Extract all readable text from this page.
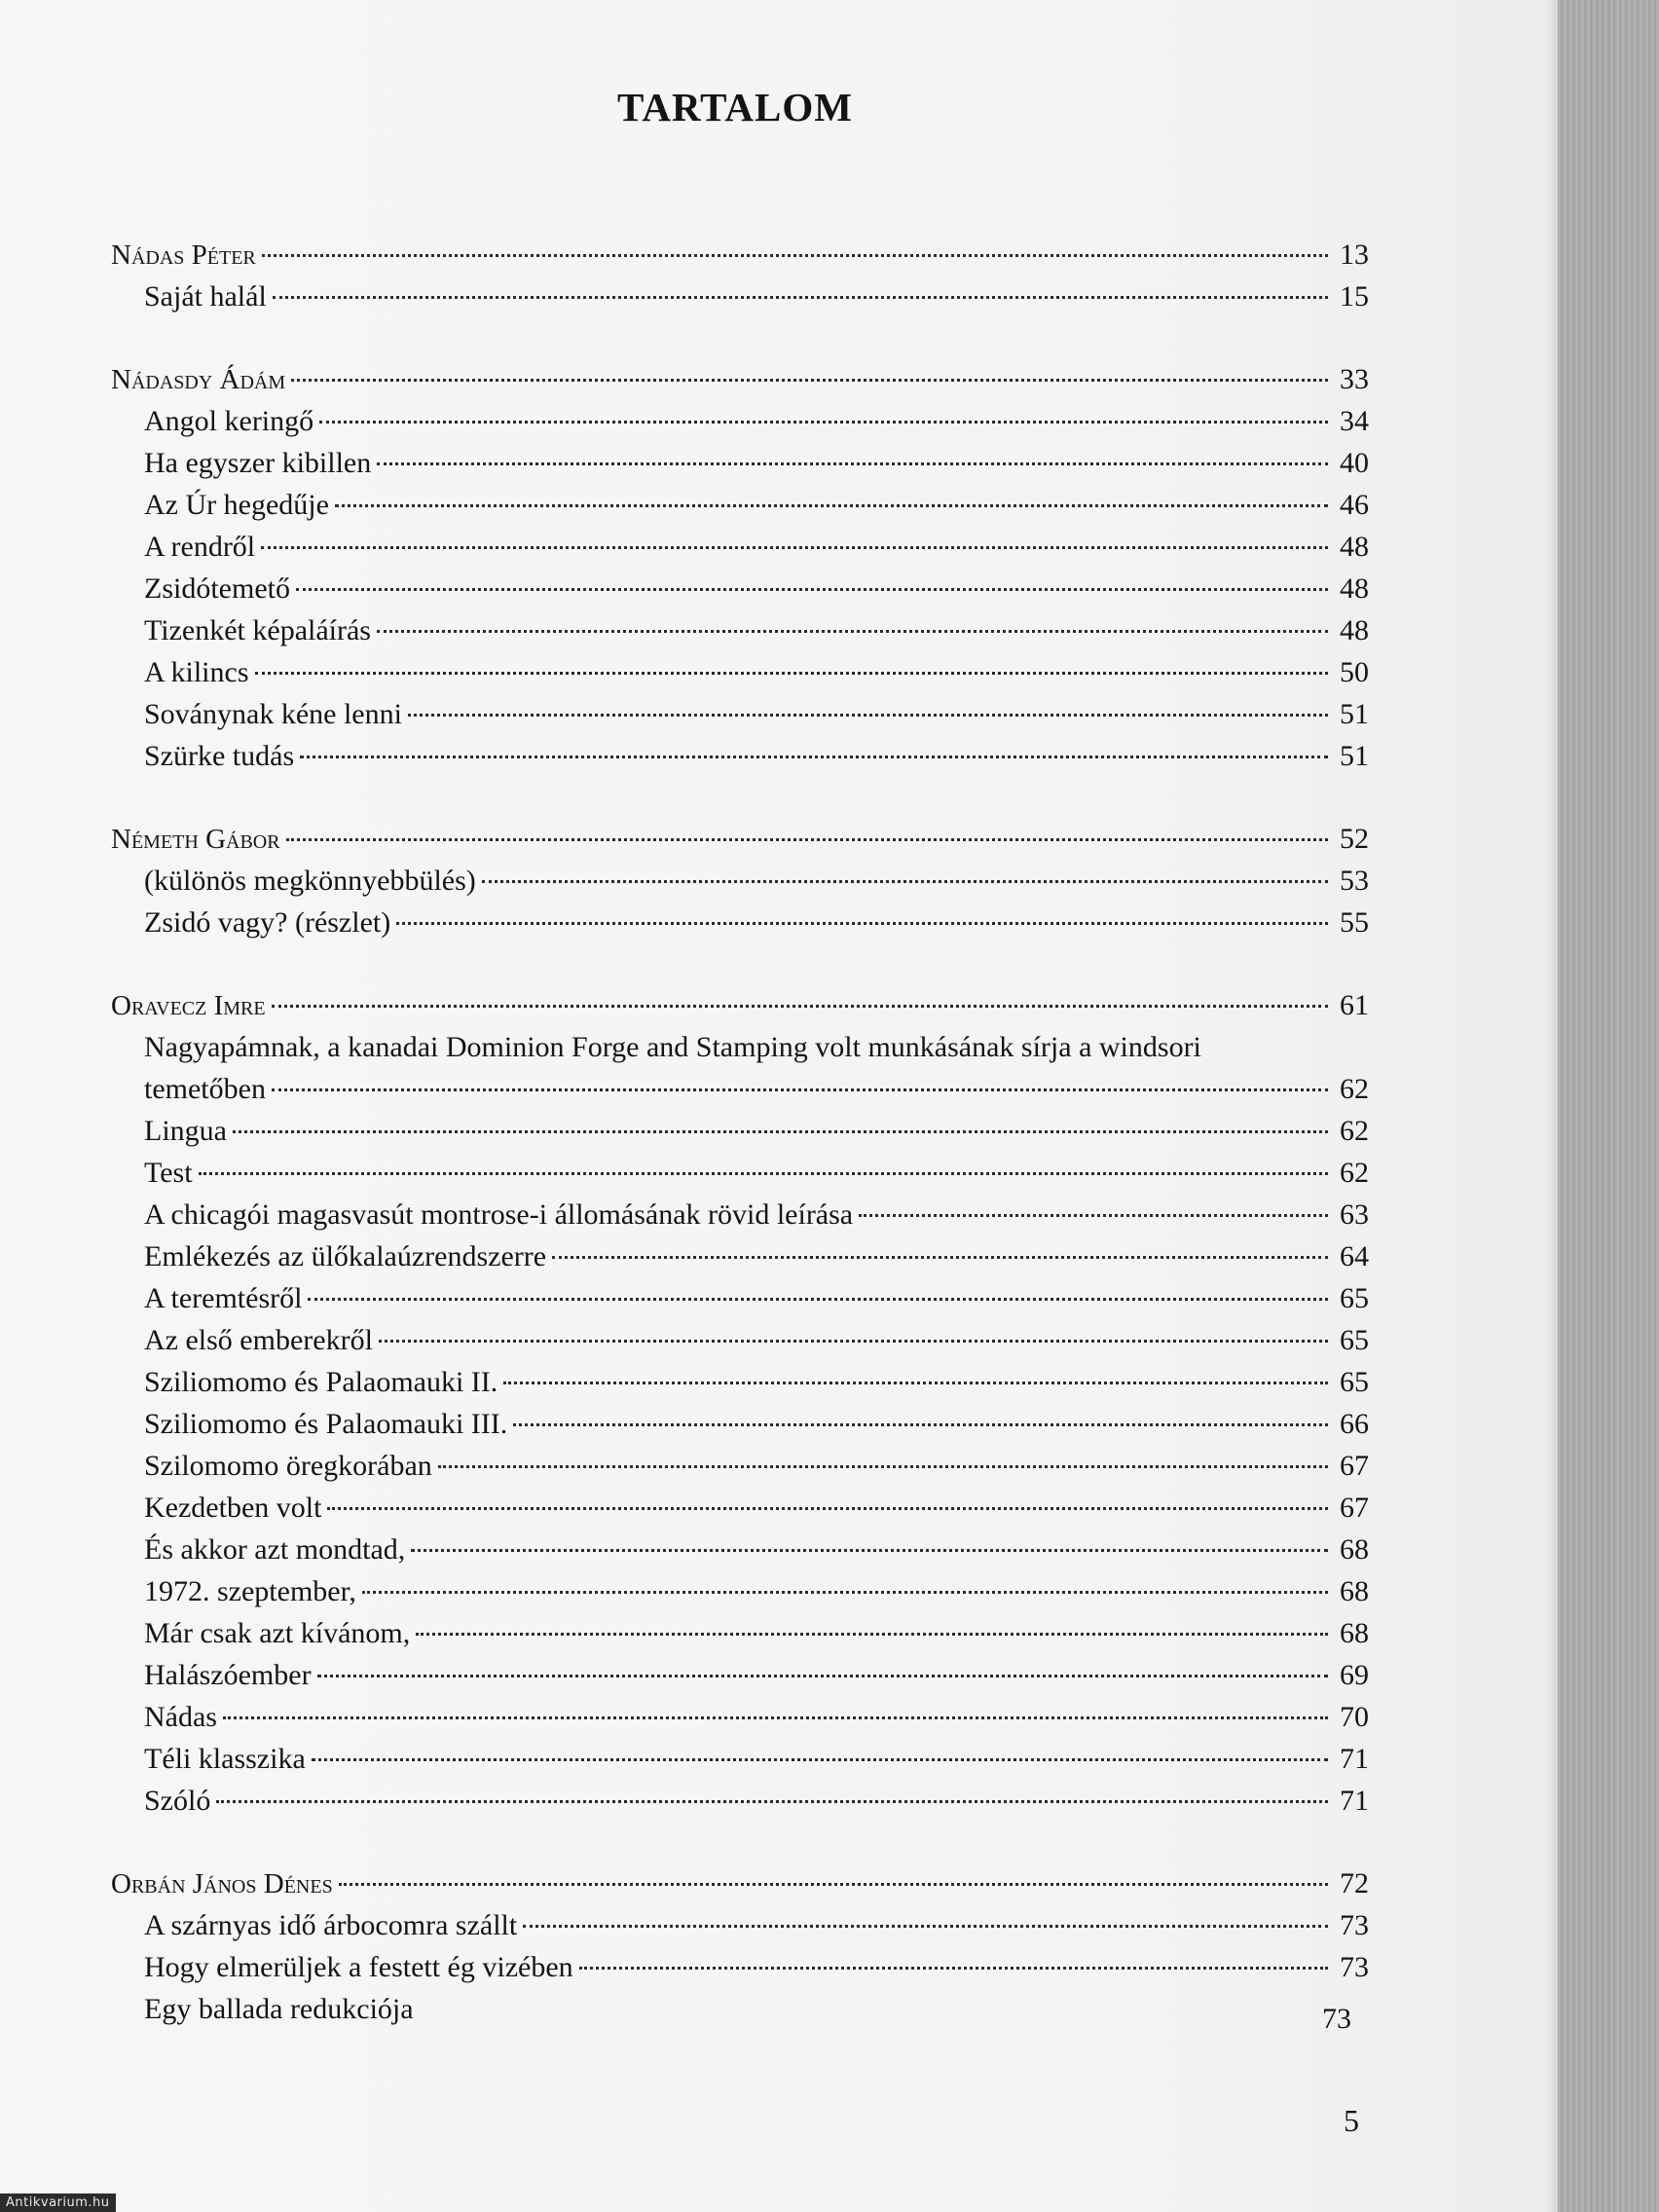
TARTALOM
Nádas Péter	13
Saját halál	15
Nádasdy Ádám	33
Angol keringő	34
Ha egyszer kibillen	40
Az Úr hegedűje	46
A rendről	48
Zsidótemető	48
Tizenkét képaláírás	48
A kilincs	50
Soványnak kéne lenni	51
Szürke tudás	51
Németh Gábor	52
(különös megkönnyebbülés)	53
Zsidó vagy? (részlet)	55
Oravecz Imre	61
Nagyapámnak, a kanadai Dominion Forge and Stamping volt munkásának sírja a windsori
temetőben	62
Lingua	62
Test	62
A chicagói magasvasút montrose-i állomásának rövid leírása	63
Emlékezés az ülőkalaúzrendszerre	64
A teremtésről	65
Az első emberekről	65
Sziliomomo és Palaomauki II.	65
Sziliomomo és Palaomauki III.	66
Szilomomo öregkorában	67
Kezdetben volt	67
És akkor azt mondtad,	68
1972. szeptember,	68
Már csak azt kívánom,	68
Halászóember	69
Nádas	70
Téli klasszika	71
Szóló	71
Orbán János Dénes	72
A szárnyas idő árbocomra szállt	73
Hogy elmerüljek a festett ég vizében	73
Egy ballada redukciója	73
5
Antikvarium.hu
